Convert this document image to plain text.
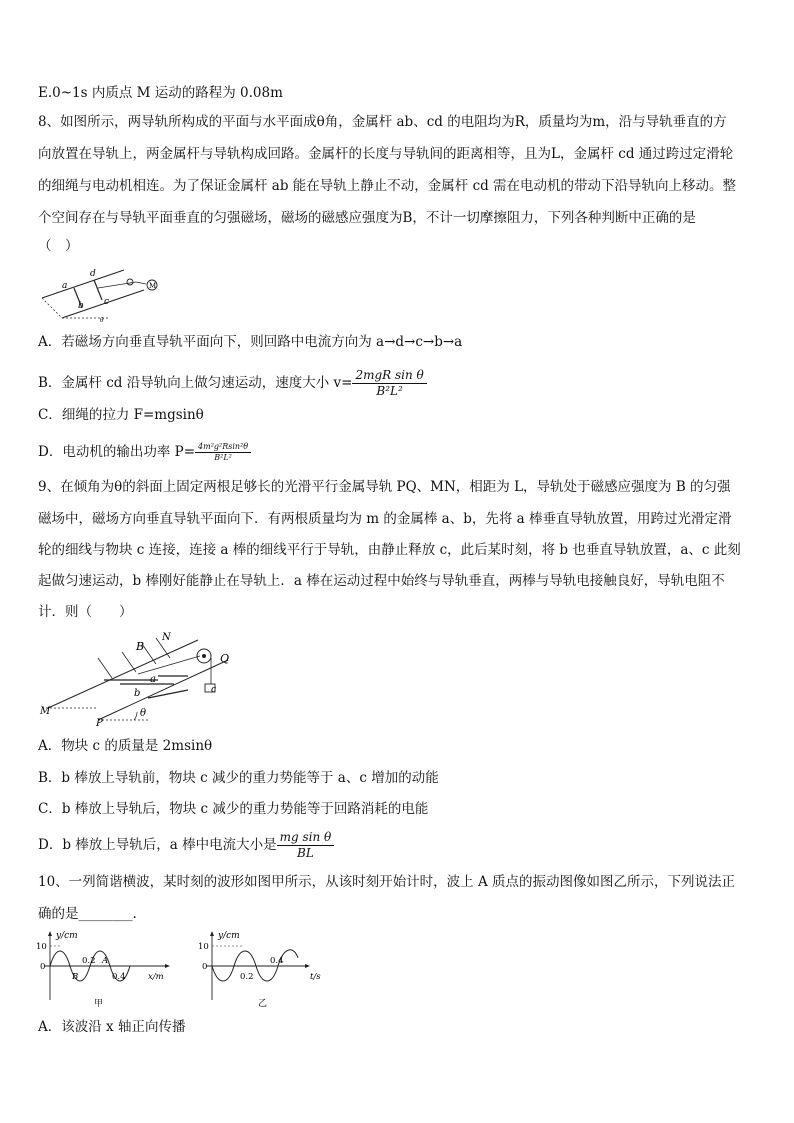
E.0~1s 内质点 M 运动的路程为 0.08m
8、如图所示，两导轨所构成的平面与水平面成θ角，金属杆 ab、cd 的电阻均为R，质量均为m，沿与导轨垂直的方
向放置在导轨上，两金属杆与导轨构成回路。金属杆的长度与导轨间的距离相等，且为L，金属杆 cd 通过跨过定滑轮
的细绳与电动机相连。为了保证金属杆 ab 能在导轨上静止不动，金属杆 cd 需在电动机的带动下沿导轨向上移动。整
个空间存在与导轨平面垂直的匀强磁场，磁场的磁感应强度为B，不计一切摩擦阻力，下列各种判断中正确的是
（　）
M
a
b c
d
θ
A．若磁场方向垂直导轨平面向下，则回路中电流方向为 a→d→c→b→a
B．金属杆 cd 沿导轨向上做匀速运动，速度大小 $v= \frac{\text{2mgR sin θ}}{\text{B²L²}}$
C．细绳的拉力 F=mgsinθ
D．电动机的输出功率 $P= \frac{\text{4m²g²Rsin²θ}}{\text{B²L²}}$
9、在倾角为θ的斜面上固定两根足够长的光滑平行金属导轨 PQ、MN，相距为 L，导轨处于磁感应强度为 B 的匀强
磁场中，磁场方向垂直导轨平面向下．有两根质量均为 m 的金属棒 a、b，先将 a 棒垂直导轨放置，用跨过光滑定滑
轮的细线与物块 c 连接，连接 a 棒的细线平行于导轨，由静止释放 c，此后某时刻，将 b 也垂直导轨放置，a、c 此刻
起做匀速运动，b 棒刚好能静止在导轨上．a 棒在运动过程中始终与导轨垂直，两棒与导轨电接触良好，导轨电阻不
计．则（　　）
B
N
Q
a
b	c
M
P
θ
A．物块 c 的质量是 2msinθ
B．b 棒放上导轨前，物块 c 减少的重力势能等于 a、c 增加的动能
C．b 棒放上导轨后，物块 c 减少的重力势能等于回路消耗的电能
D．b 棒放上导轨后，a 棒中电流大小是 $\frac{\text{mg sin θ}}{BL}$
10、一列简谐横波，某时刻的波形如图甲所示，从该时刻开始计时，波上 A 质点的振动图像如图乙所示，下列说法正
确的是________.
y/cm
10
0
0.2 A
0.4
B	x/m
甲
y/cm
10
0
0.2
0.4
t/s
乙
A．该波沿 x 轴正向传播
